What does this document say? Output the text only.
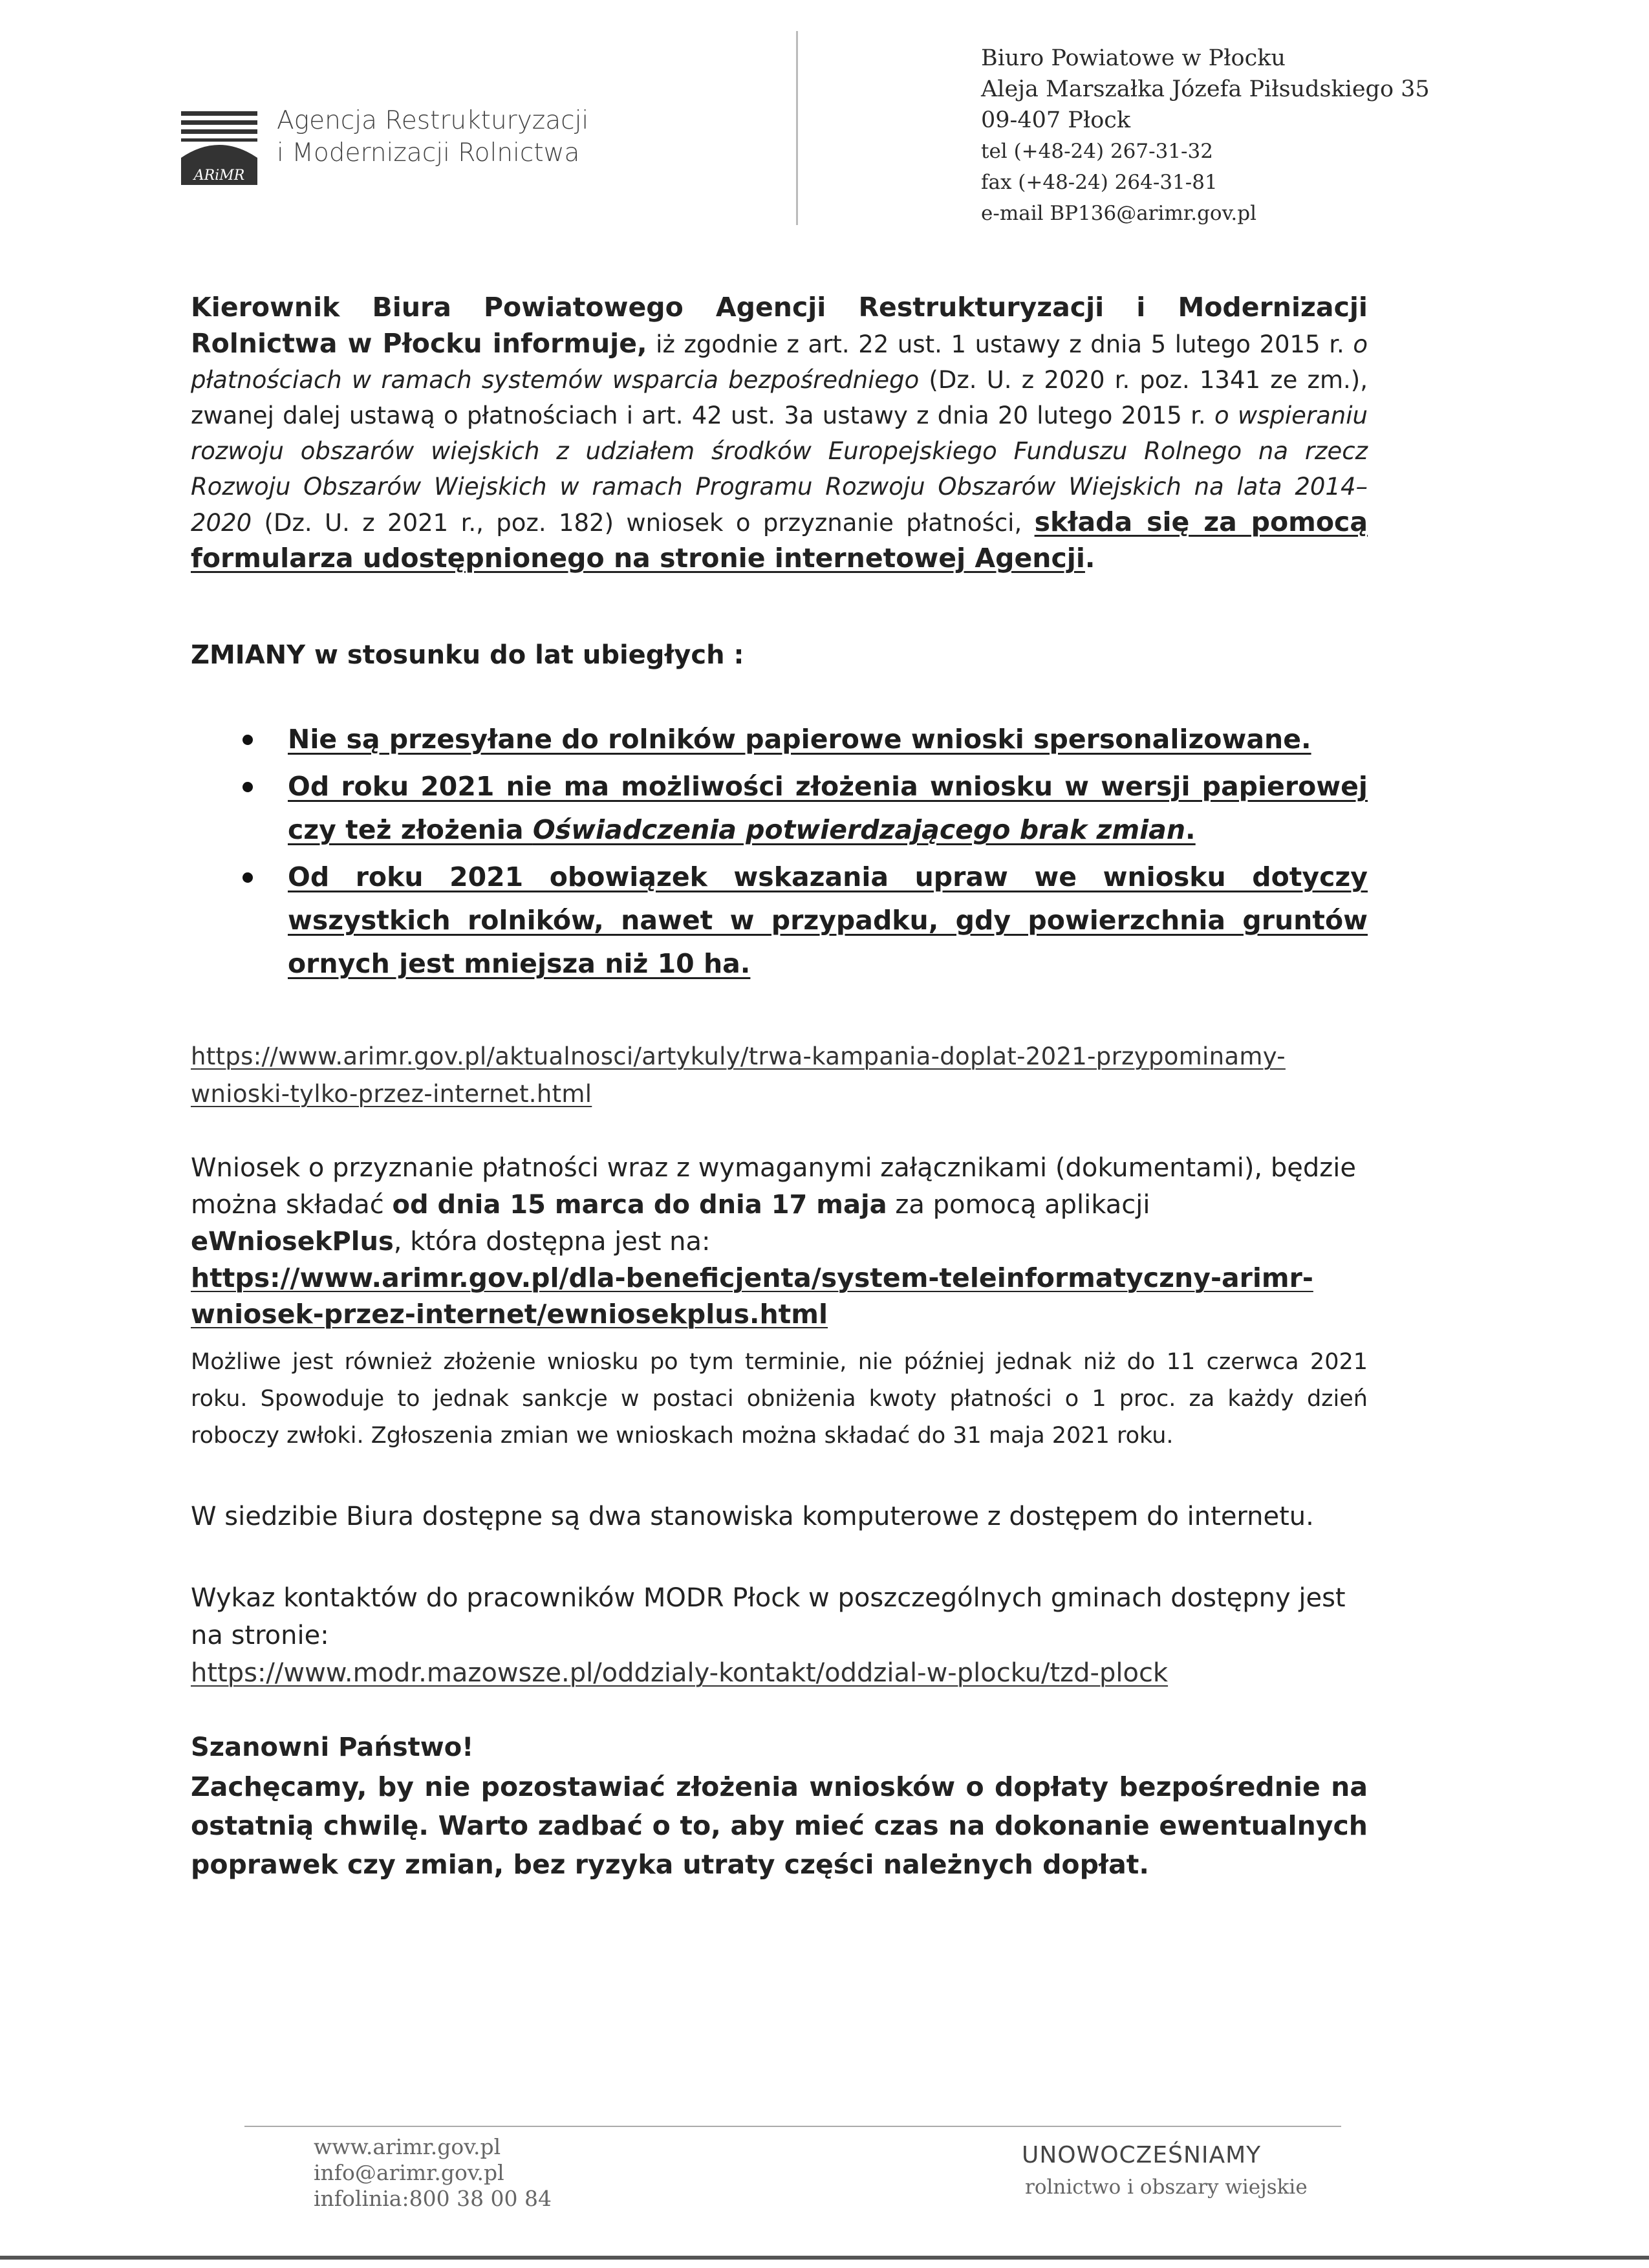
ARiMR
Agencja Restrukturyzacji
i Modernizacji Rolnictwa
Biuro Powiatowe w Płocku
Aleja Marszałka Józefa Piłsudskiego 35
09-407 Płock
tel (+48-24) 267-31-32
fax (+48-24) 264-31-81
e-mail BP136@arimr.gov.pl
Kierownik Biura Powiatowego Agencji Restrukturyzacji i Modernizacji Rolnictwa w Płocku informuje, iż zgodnie z art. 22 ust. 1 ustawy z dnia 5 lutego 2015 r. o płatnościach w ramach systemów wsparcia bezpośredniego (Dz. U. z 2020 r. poz. 1341 ze zm.), zwanej dalej ustawą o płatnościach i art. 42 ust. 3a ustawy z dnia 20 lutego 2015 r. o wspieraniu rozwoju obszarów wiejskich z udziałem środków Europejskiego Funduszu Rolnego na rzecz Rozwoju Obszarów Wiejskich w ramach Programu Rozwoju Obszarów Wiejskich na lata 2014–2020 (Dz. U. z 2021 r., poz. 182) wniosek o przyznanie płatności, składa się za pomocą formularza udostępnionego na stronie internetowej Agencji.
ZMIANY w stosunku do lat ubiegłych :
Nie są przesyłane do rolników papierowe wnioski spersonalizowane.
Od roku 2021 nie ma możliwości złożenia wniosku w wersji papierowej czy też złożenia Oświadczenia potwierdzającego brak zmian.
Od roku 2021 obowiązek wskazania upraw we wniosku dotyczy wszystkich rolników, nawet w przypadku, gdy powierzchnia gruntów ornych jest mniejsza niż 10 ha.
https://www.arimr.gov.pl/aktualnosci/artykuly/trwa-kampania-doplat-2021-przypominamy-wnioski-tylko-przez-internet.html
Wniosek o przyznanie płatności wraz z wymaganymi załącznikami (dokumentami), będzie można składać od dnia 15 marca do dnia 17 maja za pomocą aplikacji eWniosekPlus, która dostępna jest na:
https://www.arimr.gov.pl/dla-beneficjenta/system-teleinformatyczny-arimr-wniosek-przez-internet/ewniosekplus.html
Możliwe jest również złożenie wniosku po tym terminie, nie później jednak niż do 11 czerwca 2021 roku. Spowoduje to jednak sankcje w postaci obniżenia kwoty płatności o 1 proc. za każdy dzień roboczy zwłoki. Zgłoszenia zmian we wnioskach można składać do 31 maja 2021 roku.
W siedzibie Biura dostępne są dwa stanowiska komputerowe z dostępem do internetu.
Wykaz kontaktów do pracowników MODR Płock w poszczególnych gminach dostępny jest na stronie:
https://www.modr.mazowsze.pl/oddzialy-kontakt/oddzial-w-plocku/tzd-plock
Szanowni Państwo!
Zachęcamy, by nie pozostawiać złożenia wniosków o dopłaty bezpośrednie na ostatnią chwilę. Warto zadbać o to, aby mieć czas na dokonanie ewentualnych poprawek czy zmian, bez ryzyka utraty części należnych dopłat.
www.arimr.gov.pl
info@arimr.gov.pl
infolinia:800 38 00 84
UNOWOCZEŚNIAMY
rolnictwo i obszary wiejskie
